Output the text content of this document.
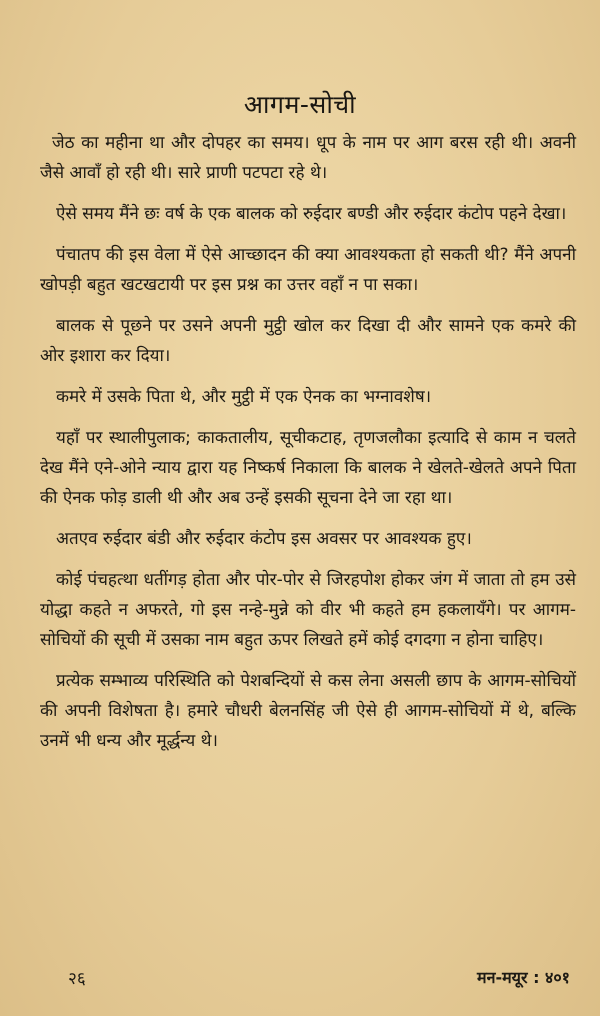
आगम-सोची

जेठ का महीना था और दोपहर का समय। धूप के नाम पर आग बरस रही थी। अवनी जैसे आवाँ हो रही थी। सारे प्राणी पटपटा रहे थे।

ऐसे समय मैंने छः वर्ष के एक बालक को रुईदार बण्डी और रुईदार कंटोप पहने देखा।

पंचातप की इस वेला में ऐसे आच्छादन की क्या आवश्यकता हो सकती थी? मैंने अपनी खोपड़ी बहुत खटखटायी पर इस प्रश्न का उत्तर वहाँ न पा सका।

बालक से पूछने पर उसने अपनी मुट्ठी खोल कर दिखा दी और सामने एक कमरे की ओर इशारा कर दिया।

कमरे में उसके पिता थे, और मुट्ठी में एक ऐनक का भग्नावशेष।

यहाँ पर स्थालीपुलाक; काकतालीय, सूचीकटाह, तृणजलौका इत्यादि से काम न चलते देख मैंने एने-ओने न्याय द्वारा यह निष्कर्ष निकाला कि बालक ने खेलते-खेलते अपने पिता की ऐनक फोड़ डाली थी और अब उन्हें इसकी सूचना देने जा रहा था।

अतएव रुईदार बंडी और रुईदार कंटोप इस अवसर पर आवश्यक हुए।

कोई पंचहत्था धतींगड़ होता और पोर-पोर से जिरहपोश होकर जंग में जाता तो हम उसे योद्धा कहते न अफरते, गो इस नन्हे-मुन्ने को वीर भी कहते हम हकलायँगे। पर आगम-सोचियों की सूची में उसका नाम बहुत ऊपर लिखते हमें कोई दगदगा न होना चाहिए।

प्रत्येक सम्भाव्य परिस्थिति को पेशबन्दियों से कस लेना असली छाप के आगम-सोचियों की अपनी विशेषता है। हमारे चौधरी बेलनसिंह जी ऐसे ही आगम-सोचियों में थे, बल्कि उनमें भी धन्य और मूर्द्धन्य थे।

२६	मन-मयूर : ४०१
